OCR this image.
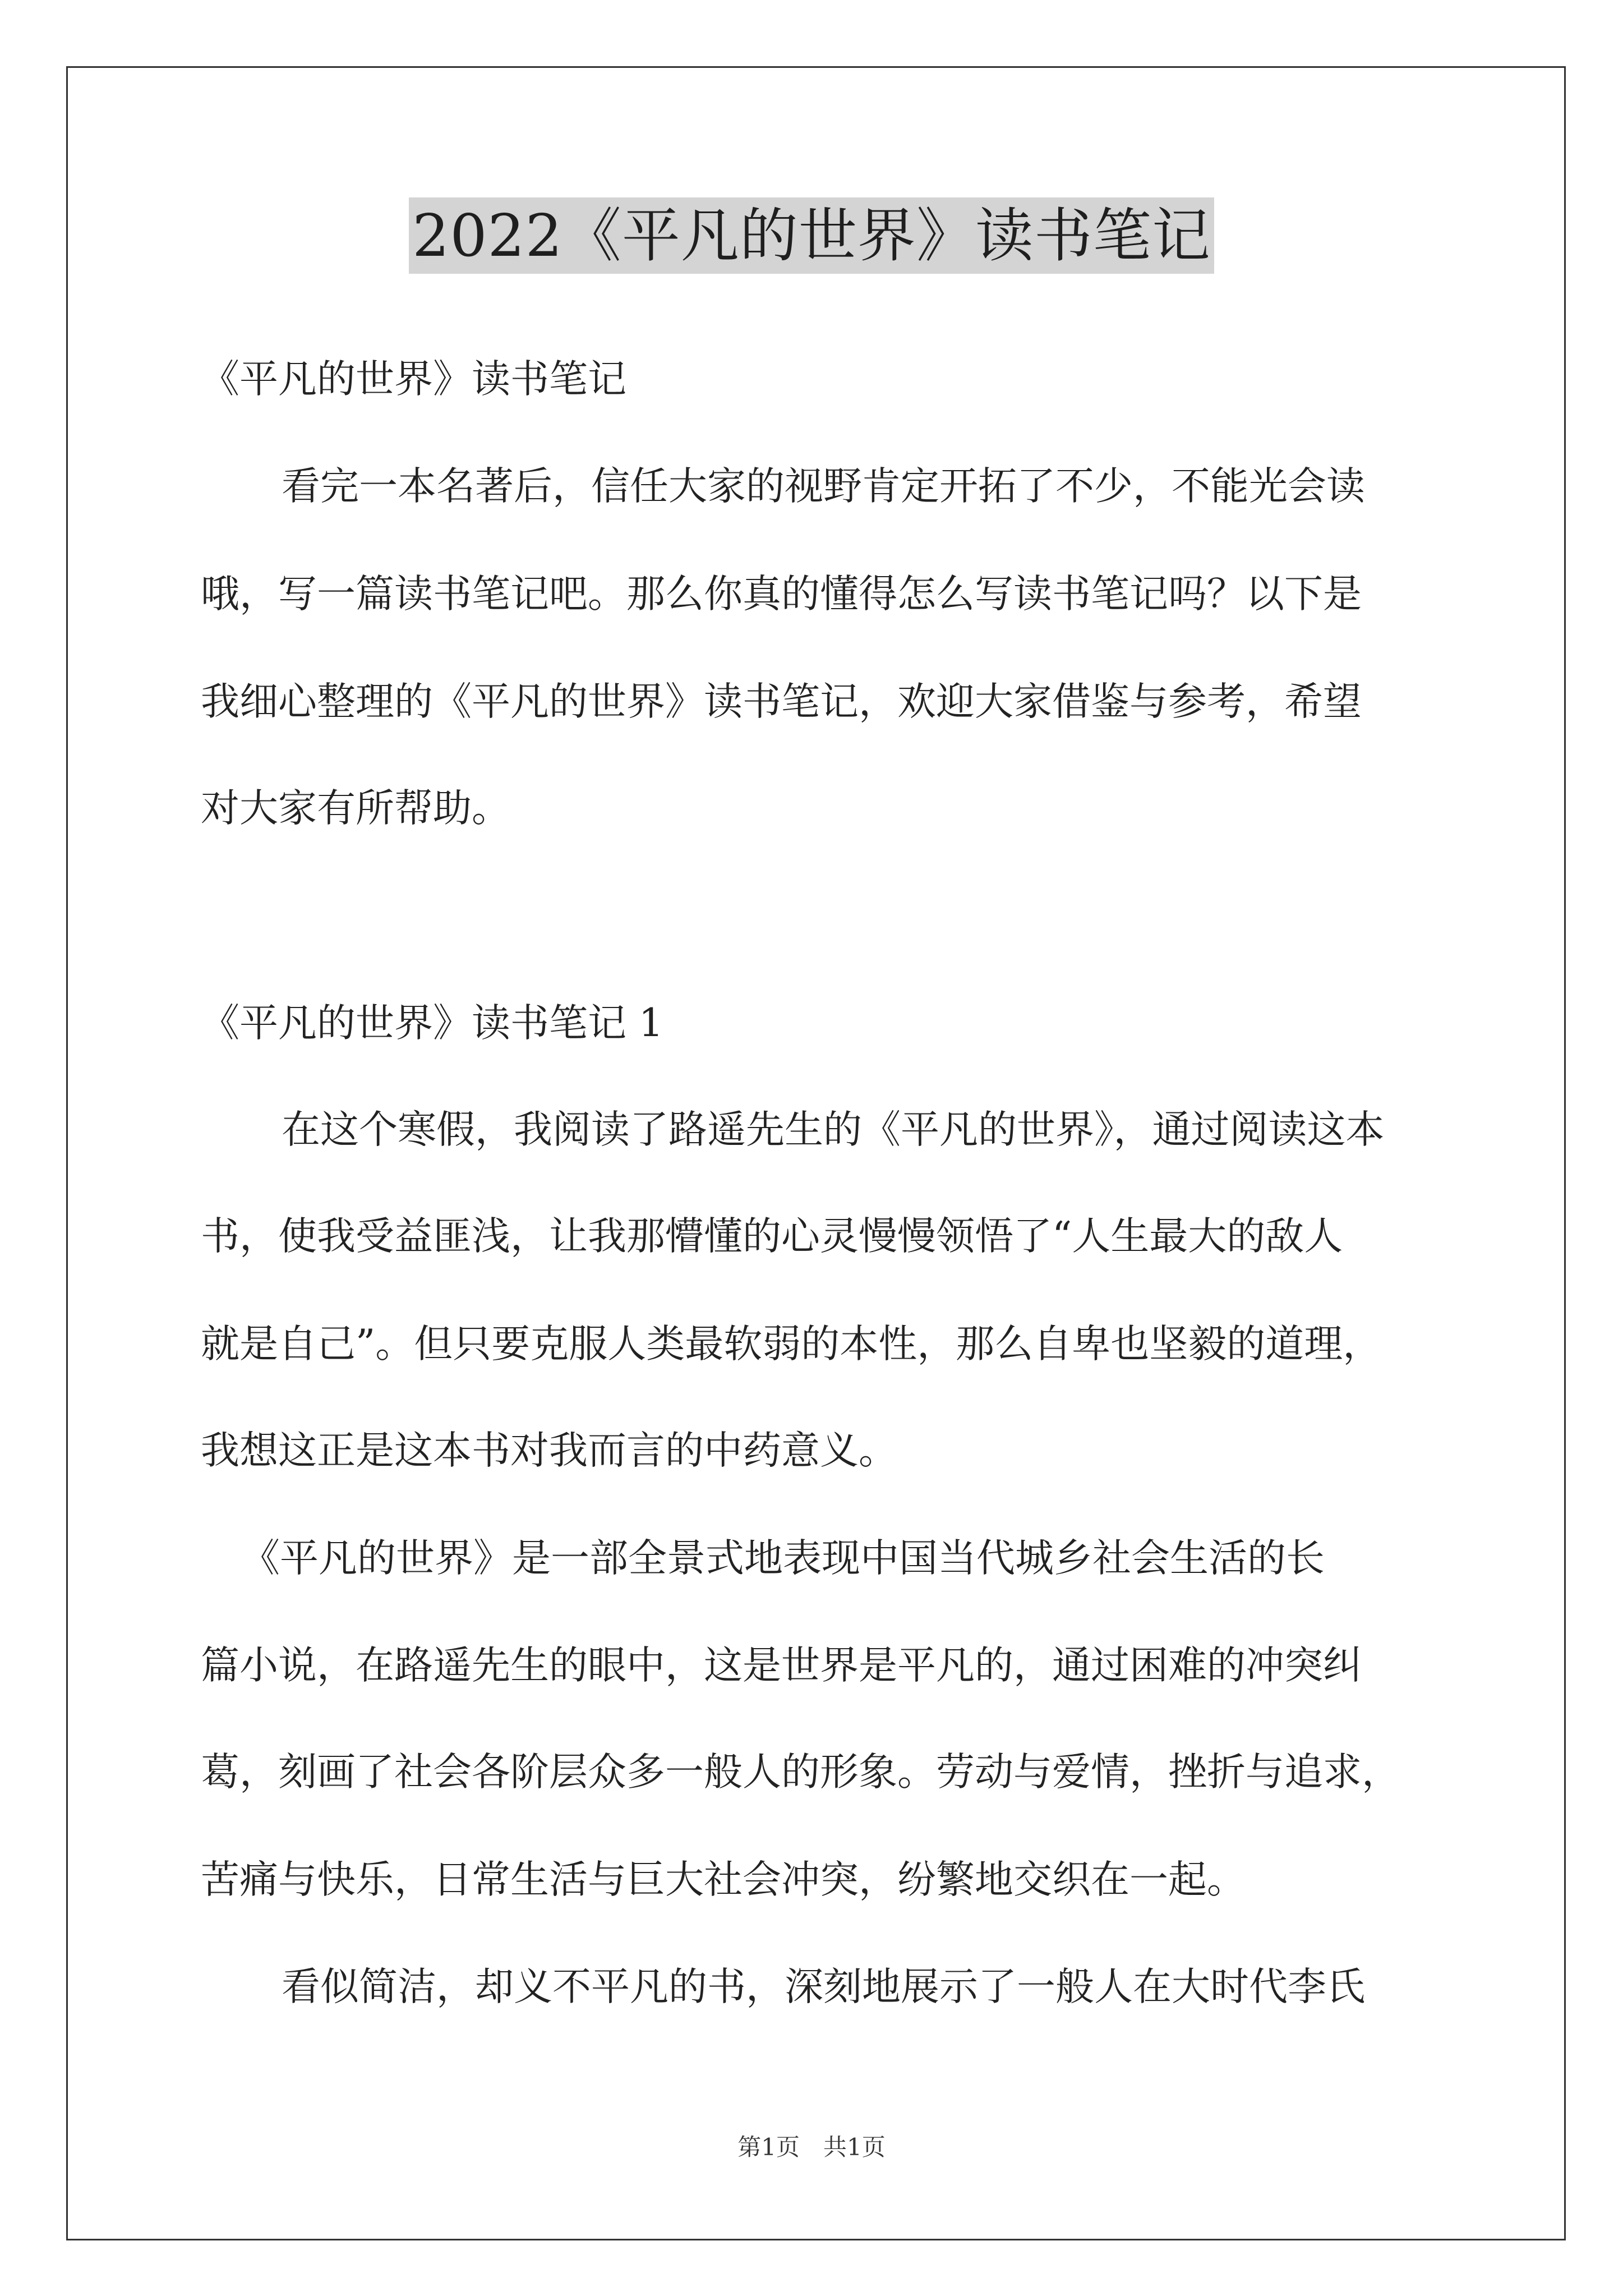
2022《平凡的世界》读书笔记
《平凡的世界》读书笔记
看完一本名著后，信任大家的视野肯定开拓了不少，不能光会读
哦，写一篇读书笔记吧。那么你真的懂得怎么写读书笔记吗？以下是
我细心整理的《平凡的世界》读书笔记，欢迎大家借鉴与参考，希望
对大家有所帮助。
《平凡的世界》读书笔记 1
在这个寒假，我阅读了路遥先生的《平凡的世界》，通过阅读这本
书，使我受益匪浅，让我那懵懂的心灵慢慢领悟了“人生最大的敌人
就是自己”。但只要克服人类最软弱的本性，那么自卑也坚毅的道理，
我想这正是这本书对我而言的中药意义。
《平凡的世界》是一部全景式地表现中国当代城乡社会生活的长
篇小说，在路遥先生的眼中，这是世界是平凡的，通过困难的冲突纠
葛，刻画了社会各阶层众多一般人的形象。劳动与爱情，挫折与追求，
苦痛与快乐，日常生活与巨大社会冲突，纷繁地交织在一起。
看似简洁，却义不平凡的书，深刻地展示了一般人在大时代李氏
第1页　共1页
